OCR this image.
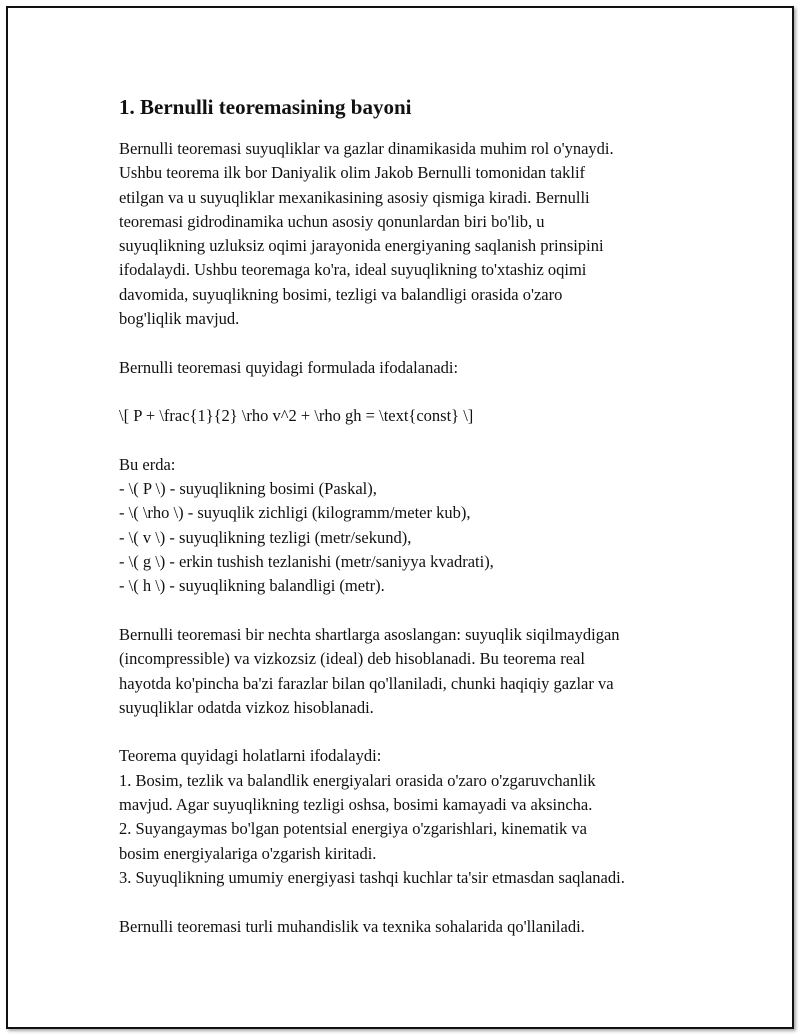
1. Bernulli teoremasining bayoni

Bernulli teoremasi suyuqliklar va gazlar dinamikasida muhim rol o'ynaydi.
Ushbu teorema ilk bor Daniyalik olim Jakob Bernulli tomonidan taklif
etilgan va u suyuqliklar mexanikasining asosiy qismiga kiradi. Bernulli
teoremasi gidrodinamika uchun asosiy qonunlardan biri bo'lib, u
suyuqlikning uzluksiz oqimi jarayonida energiyaning saqlanish prinsipini
ifodalaydi. Ushbu teoremaga ko'ra, ideal suyuqlikning to'xtashiz oqimi
davomida, suyuqlikning bosimi, tezligi va balandligi orasida o'zaro
bog'liqlik mavjud.

Bernulli teoremasi quyidagi formulada ifodalanadi:

\[ P + \frac{1}{2} \rho v^2 + \rho gh = \text{const} \]

Bu erda:
- \( P \) - suyuqlikning bosimi (Paskal),
- \( \rho \) - suyuqlik zichligi (kilogramm/meter kub),
- \( v \) - suyuqlikning tezligi (metr/sekund),
- \( g \) - erkin tushish tezlanishi (metr/saniyya kvadrati),
- \( h \) - suyuqlikning balandligi (metr).

Bernulli teoremasi bir nechta shartlarga asoslangan: suyuqlik siqilmaydigan
(incompressible) va vizkozsiz (ideal) deb hisoblanadi. Bu teorema real
hayotda ko'pincha ba'zi farazlar bilan qo'llaniladi, chunki haqiqiy gazlar va
suyuqliklar odatda vizkoz hisoblanadi.

Teorema quyidagi holatlarni ifodalaydi:
1. Bosim, tezlik va balandlik energiyalari orasida o'zaro o'zgaruvchanlik
mavjud. Agar suyuqlikning tezligi oshsa, bosimi kamayadi va aksincha.
2. Suyangaymas bo'lgan potentsial energiya o'zgarishlari, kinematik va
bosim energiyalariga o'zgarish kiritadi.
3. Suyuqlikning umumiy energiyasi tashqi kuchlar ta'sir etmasdan saqlanadi.

Bernulli teoremasi turli muhandislik va texnika sohalarida qo'llaniladi.
